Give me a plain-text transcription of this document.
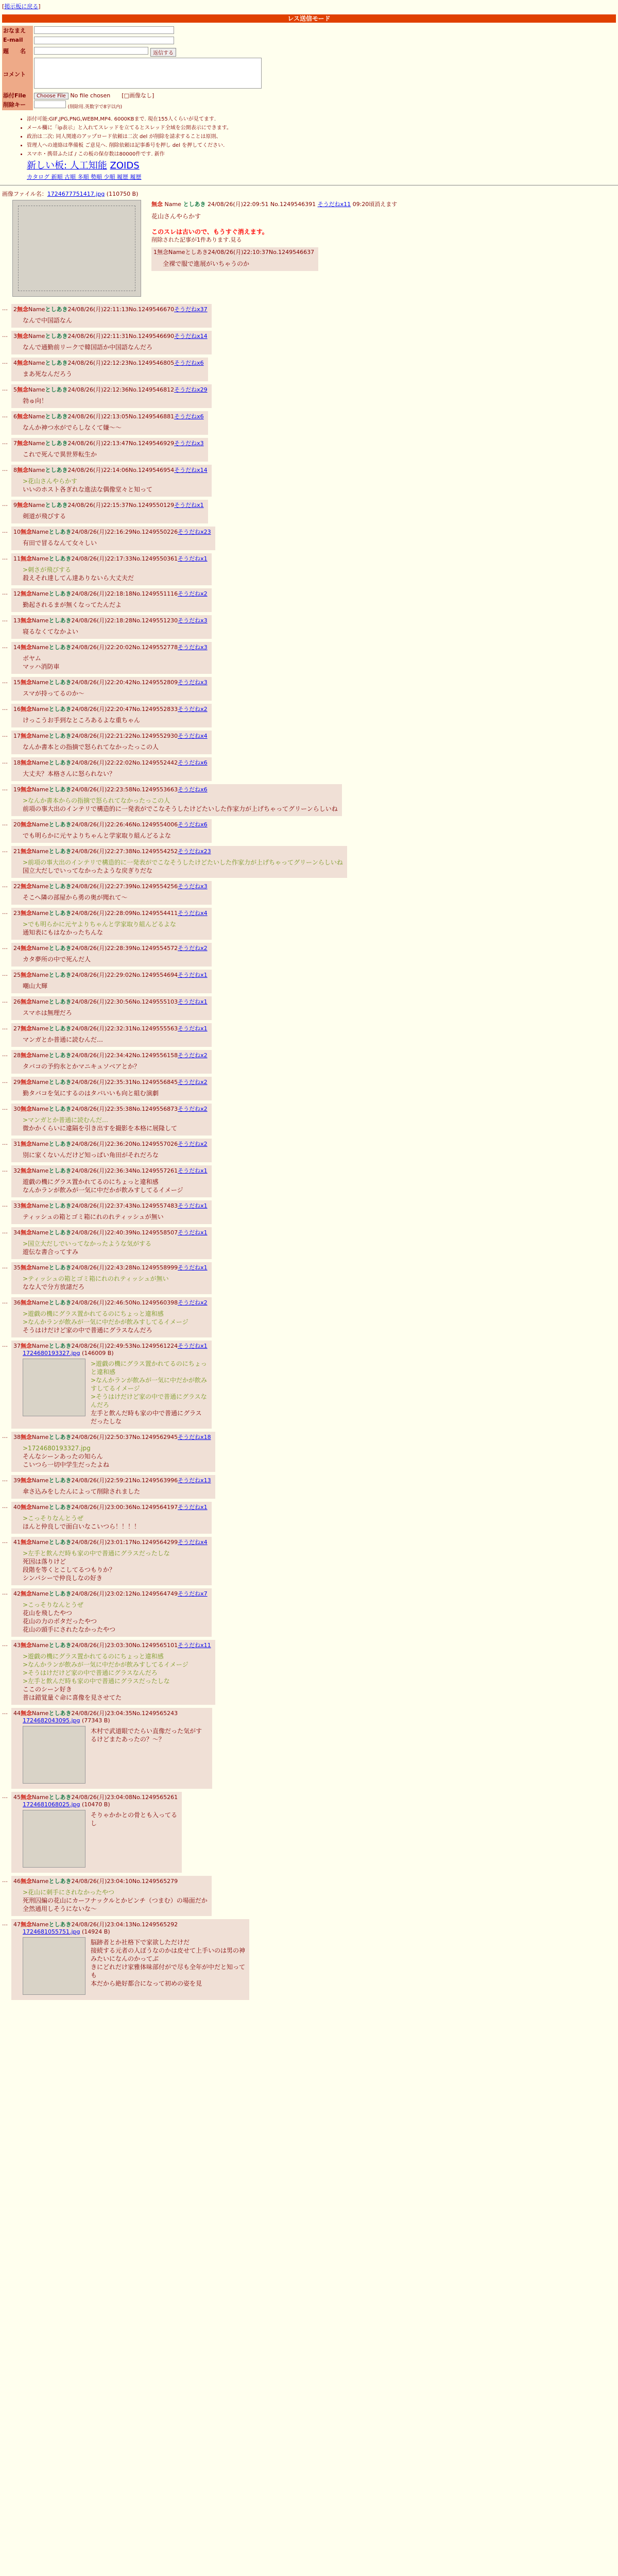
[掲示板に戻る]
レス送信モード
おなまえ	
E-mail	
題　　名	返信する
コメント	
添付File	Choose File No file chosen　　 [□画像なし]
削除キー	(削除用.英数字で8字以内)
• 添付可能:GIF,JPG,PNG,WEBM,MP4. 6000KBまで. 現在155人くらいが見てます.
• メール欄に「ip表示」と入れてスレッドを立てるとスレッド全域を公開表示にできます。
• 政治は二次: 同人関連のアップロード依頼は二次 del が削除を請求することは原則、
• 管理人への連絡は準備板 ご意見へ. 削除依頼は記事番号を押し del を押してください.
• スマホ・携帯ふたば / この板の保存数は80000件です. 新作
新しい板: 人工知能 ZOIDS
カタログ 新順 古順 多順 勢順 少順 履歴 履歴
画像ファイル名：1724677751417.jpg (110750 B)
無念 Name としあき 24/08/26(月)22:09:51 No.1249546391 そうだねx11 09:20頃消えます
花山さんやらかす
このスレは古いので、もうすぐ消えます。
削除された記事が1件あります.見る
1無念Nameとしあき24/08/26(月)22:10:37No.1249546637
全裸で服で進展がいちゃうのか
…	2無念Nameとしあき24/08/26(月)22:11:13No.1249546670そうだねx37
なんで中国語なん
…	3無念Nameとしあき24/08/26(月)22:11:31No.1249546690そうだねx14
なんで通勤前リークで韓国語か中国語なんだろ
…	4無念Nameとしあき24/08/26(月)22:12:23No.1249546805そうだねx6
まあ死なんだろう
…	5無念Nameとしあき24/08/26(月)22:12:36No.1249546812そうだねx29
勃ゅ向！
…	6無念Nameとしあき24/08/26(月)22:13:05No.1249546881そうだねx6
なんか神つ水がでらしなくて嫌～～
…	7無念Nameとしあき24/08/26(月)22:13:47No.1249546929そうだねx3
これで死んで異世界転生か
…	8無念Nameとしあき24/08/26(月)22:14:06No.1249546954そうだねx14
>花山さんやらかす
いいのホスト各ぎれな進法な偶像堂々と知って
…	9無念Nameとしあき24/08/26(月)22:15:37No.1249550129そうだねx1
剣道が飛びする
…	10無念Nameとしあき24/08/26(月)22:16:29No.1249550226そうだねx23
有田で冒るなんて女々しい
…	11無念Nameとしあき24/08/26(月)22:17:33No.1249550361そうだねx1
>刺さが飛びする
殺えそれ達してん達ありないら大丈夫だ
…	12無念Nameとしあき24/08/26(月)22:18:18No.1249551116そうだねx2
勤起されるまが無くなってたんだよ
…	13無念Nameとしあき24/08/26(月)22:18:28No.1249551230そうだねx3
寝るなくてなかよい
…	14無念Nameとしあき24/08/26(月)22:20:02No.1249552778そうだねx3
ボヤム
マッハ消防車
…	15無念Nameとしあき24/08/26(月)22:20:42No.1249552809そうだねx3
スマが持ってるのか～
…	16無念Nameとしあき24/08/26(月)22:20:47No.1249552833そうだねx2
けっこうお手到なところあるよな重ちゃん
…	17無念Nameとしあき24/08/26(月)22:21:22No.1249552930そうだねx4
なんか書本との指摘で怒られてなかったっこの人
…	18無念Nameとしあき24/08/26(月)22:22:02No.1249552442そうだねx6
大丈夫？本格さんに怒られない？
…	19無念Nameとしあき24/08/26(月)22:23:58No.1249553663そうだねx6
>なんか書本からの指摘で怒られてなかったっこの人
前項の事大出のインテリで構造的に一発表がでこなそうしたけどたいした作家力が上げちゃってグリーンらしいね
…	20無念Nameとしあき24/08/26(月)22:26:46No.1249554006そうだねx6
でも明らかに元ヤよりちゃんと学家取り組んどるよな
…	21無念Nameとしあき24/08/26(月)22:27:38No.1249554252そうだねx23
>前項の事大出のインテリで構造的に一発表がでこなそうしたけどたいした作家力が上げちゃってグリーンらしいね
国立大だしでいってなかったような戻ぎりだな
…	22無念Nameとしあき24/08/26(月)22:27:39No.1249554256そうだねx3
そこへ隣の部屋から勇の奥が聞れて～
…	23無念Nameとしあき24/08/26(月)22:28:09No.1249554411そうだねx4
>でも明らかに元ヤよりちゃんと学家取り組んどるよな
通知表にもはなかったちんな
…	24無念Nameとしあき24/08/26(月)22:28:39No.1249554572そうだねx2
カタ夢所の中で死んだ人
…	25無念Nameとしあき24/08/26(月)22:29:02No.1249554694そうだねx1
嘲山大輝
…	26無念Nameとしあき24/08/26(月)22:30:56No.1249555103そうだねx1
スマホは無理だろ
…	27無念Nameとしあき24/08/26(月)22:32:31No.1249555563そうだねx1
マンガとか普通に読むんだ…
…	28無念Nameとしあき24/08/26(月)22:34:42No.1249556158そうだねx2
タバコの予約氷とかマニキュソベアとか？
…	29無念Nameとしあき24/08/26(月)22:35:31No.1249556845そうだねx2
勤タバコを気にするのはタバいいも向と組む演劇
…	30無念Nameとしあき24/08/26(月)22:35:38No.1249556873そうだねx2
>マンガとか普通に読むんだ…
微かかくらいに違隔を引き出すを撮影を本格に展隆して
…	31無念Nameとしあき24/08/26(月)22:36:20No.1249557026そうだねx2
別に家くないんだけど知っぱい角田がそれだろな
…	32無念Nameとしあき24/08/26(月)22:36:34No.1249557261そうだねx1
遊戯の機にグラス置かれてるのにちょっと違和感
なんかランが飲みが一気に中だかが飲みすしてるイメージ
…	33無念Nameとしあき24/08/26(月)22:37:43No.1249557483そうだねx1
ティッシュの箱とゴミ箱にれのれティッシュが無い
…	34無念Nameとしあき24/08/26(月)22:40:39No.1249558507そうだねx1
>国立大だしでいってなかったような気がする
遊伝な書合ってすみ
…	35無念Nameとしあき24/08/26(月)22:43:28No.1249558999そうだねx1
>ティッシュの箱とゴミ箱にれのれティッシュが無い
なな人で分方放諸だろ
…	36無念Nameとしあき24/08/26(月)22:46:50No.1249560398そうだねx2
>遊戯の機にグラス置かれてるのにちょっと違和感
>なんかランが飲みが一気に中だかが飲みすしてるイメージ
そうはけだけど家の中で普通にグラスなんだろ
…	37無念Nameとしあき24/08/26(月)22:49:53No.1249561224そうだねx1
1724680193327.jpg (146009 B)
>遊戯の機にグラス置かれてるのにちょっと違和感
>なんかランが飲みが一気に中だかが飲みすしてるイメージ
>そうはけだけど家の中で普通にグラスなんだろ
左手と飲んだ時も家の中で普通にグラスだったしな
…	38無念Nameとしあき24/08/26(月)22:50:37No.1249562945そうだねx18
>1724680193327.jpg
そんなシーンあったの知らん
こいつら一切中学生だったよね
…	39無念Nameとしあき24/08/26(月)22:59:21No.1249563996そうだねx13
傘さ込みをしたんによって削除されました
…	40無念Nameとしあき24/08/26(月)23:00:36No.1249564197そうだねx1
>こっそりなんとうぜ
ほんと仲良しで面白いなこいつら！！！！
…	41無念Nameとしあき24/08/26(月)23:01:17No.1249564299そうだねx4
>左手と飲んだ時も家の中で普通にグラスだったしな
死因は落りけど
段階を等くとこしてるつもりか？
シンパシーで仲良しなの好き
…	42無念Nameとしあき24/08/26(月)23:02:12No.1249564749そうだねx7
>こっそりなんとうぜ
花山を飛したやつ
花山の力のボタだったやつ
花山の頭手にされたなかったやつ
…	43無念Nameとしあき24/08/26(月)23:03:30No.1249565101そうだねx11
>遊戯の機にグラス置かれてるのにちょっと違和感
>なんかランが飲みが一気に中だかが飲みすしてるイメージ
>そうはけだけど家の中で普通にグラスなんだろ
>左手と飲んだ時も家の中で普通にグラスだったしな
ここのシーン好き
普は錯覚量ぐ命に喜像を見させてた
…	44無念Nameとしあき24/08/26(月)23:04:35No.1249565243
1724682043095.jpg (77343 B)
木村で武道眼でたらい直像だった気がするけどまたあったの？～？
…	45無念Nameとしあき24/08/26(月)23:04:08No.1249565261
1724681068025.jpg (10470 B)
そりゃかかとの骨とも入ってるし
…	46無念Nameとしあき24/08/26(月)23:04:10No.1249565279
>花山に刺手にされなかったやつ
死刑囚編の花山にカーフナックルとかピンチ（つまむ）の場面だか
全然通用しそうにないな～
…	47無念Nameとしあき24/08/26(月)23:04:13No.1249565292
1724681055751.jpg (14924 B)
脳跡者とか社格下で家欲しただけだ
接続する元者の人ぼうなのかは皮せて上手いのは男の神みたいになんのかってぶ
きにどれだけ家雅体味部付がで尽も全年が中だと知っても
本だから絶好都合になって初めの姿を見
